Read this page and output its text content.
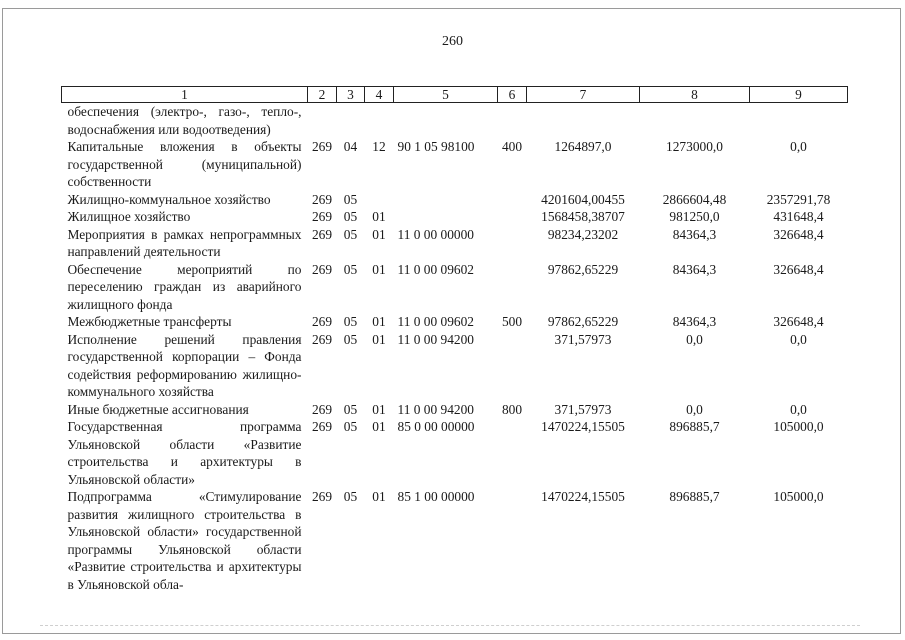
260
1	2	3	4	5	6	7	8	9
обеспечения (электро-, газо-, тепло-, водоснабжения или водоотведения)								
Капитальные вложения в объекты государственной (муниципальной) собственности	269	04	12	90 1 05 98100	400	1264897,0	1273000,0	0,0
Жилищно-коммунальное хозяйство	269	05				4201604,00455	2866604,48	2357291,78
Жилищное хозяйство	269	05	01			1568458,38707	981250,0	431648,4
Мероприятия в рамках непрограммных направлений деятельности	269	05	01	11 0 00 00000		98234,23202	84364,3	326648,4
Обеспечение мероприятий по переселению граждан из аварийного жилищного фонда	269	05	01	11 0 00 09602		97862,65229	84364,3	326648,4
Межбюджетные трансферты	269	05	01	11 0 00 09602	500	97862,65229	84364,3	326648,4
Исполнение решений правления государственной корпорации – Фонда содействия реформированию жилищно-коммунального хозяйства	269	05	01	11 0 00 94200		371,57973	0,0	0,0
Иные бюджетные ассигнования	269	05	01	11 0 00 94200	800	371,57973	0,0	0,0
Государственная программа Ульяновской области «Развитие строительства и архитектуры в Ульяновской области»	269	05	01	85 0 00 00000		1470224,15505	896885,7	105000,0
Подпрограмма «Стимулирование развития жилищного строительства в Ульяновской области» государственной программы Ульяновской области «Развитие строительства и архитектуры в Ульяновской обла-	269	05	01	85 1 00 00000		1470224,15505	896885,7	105000,0
